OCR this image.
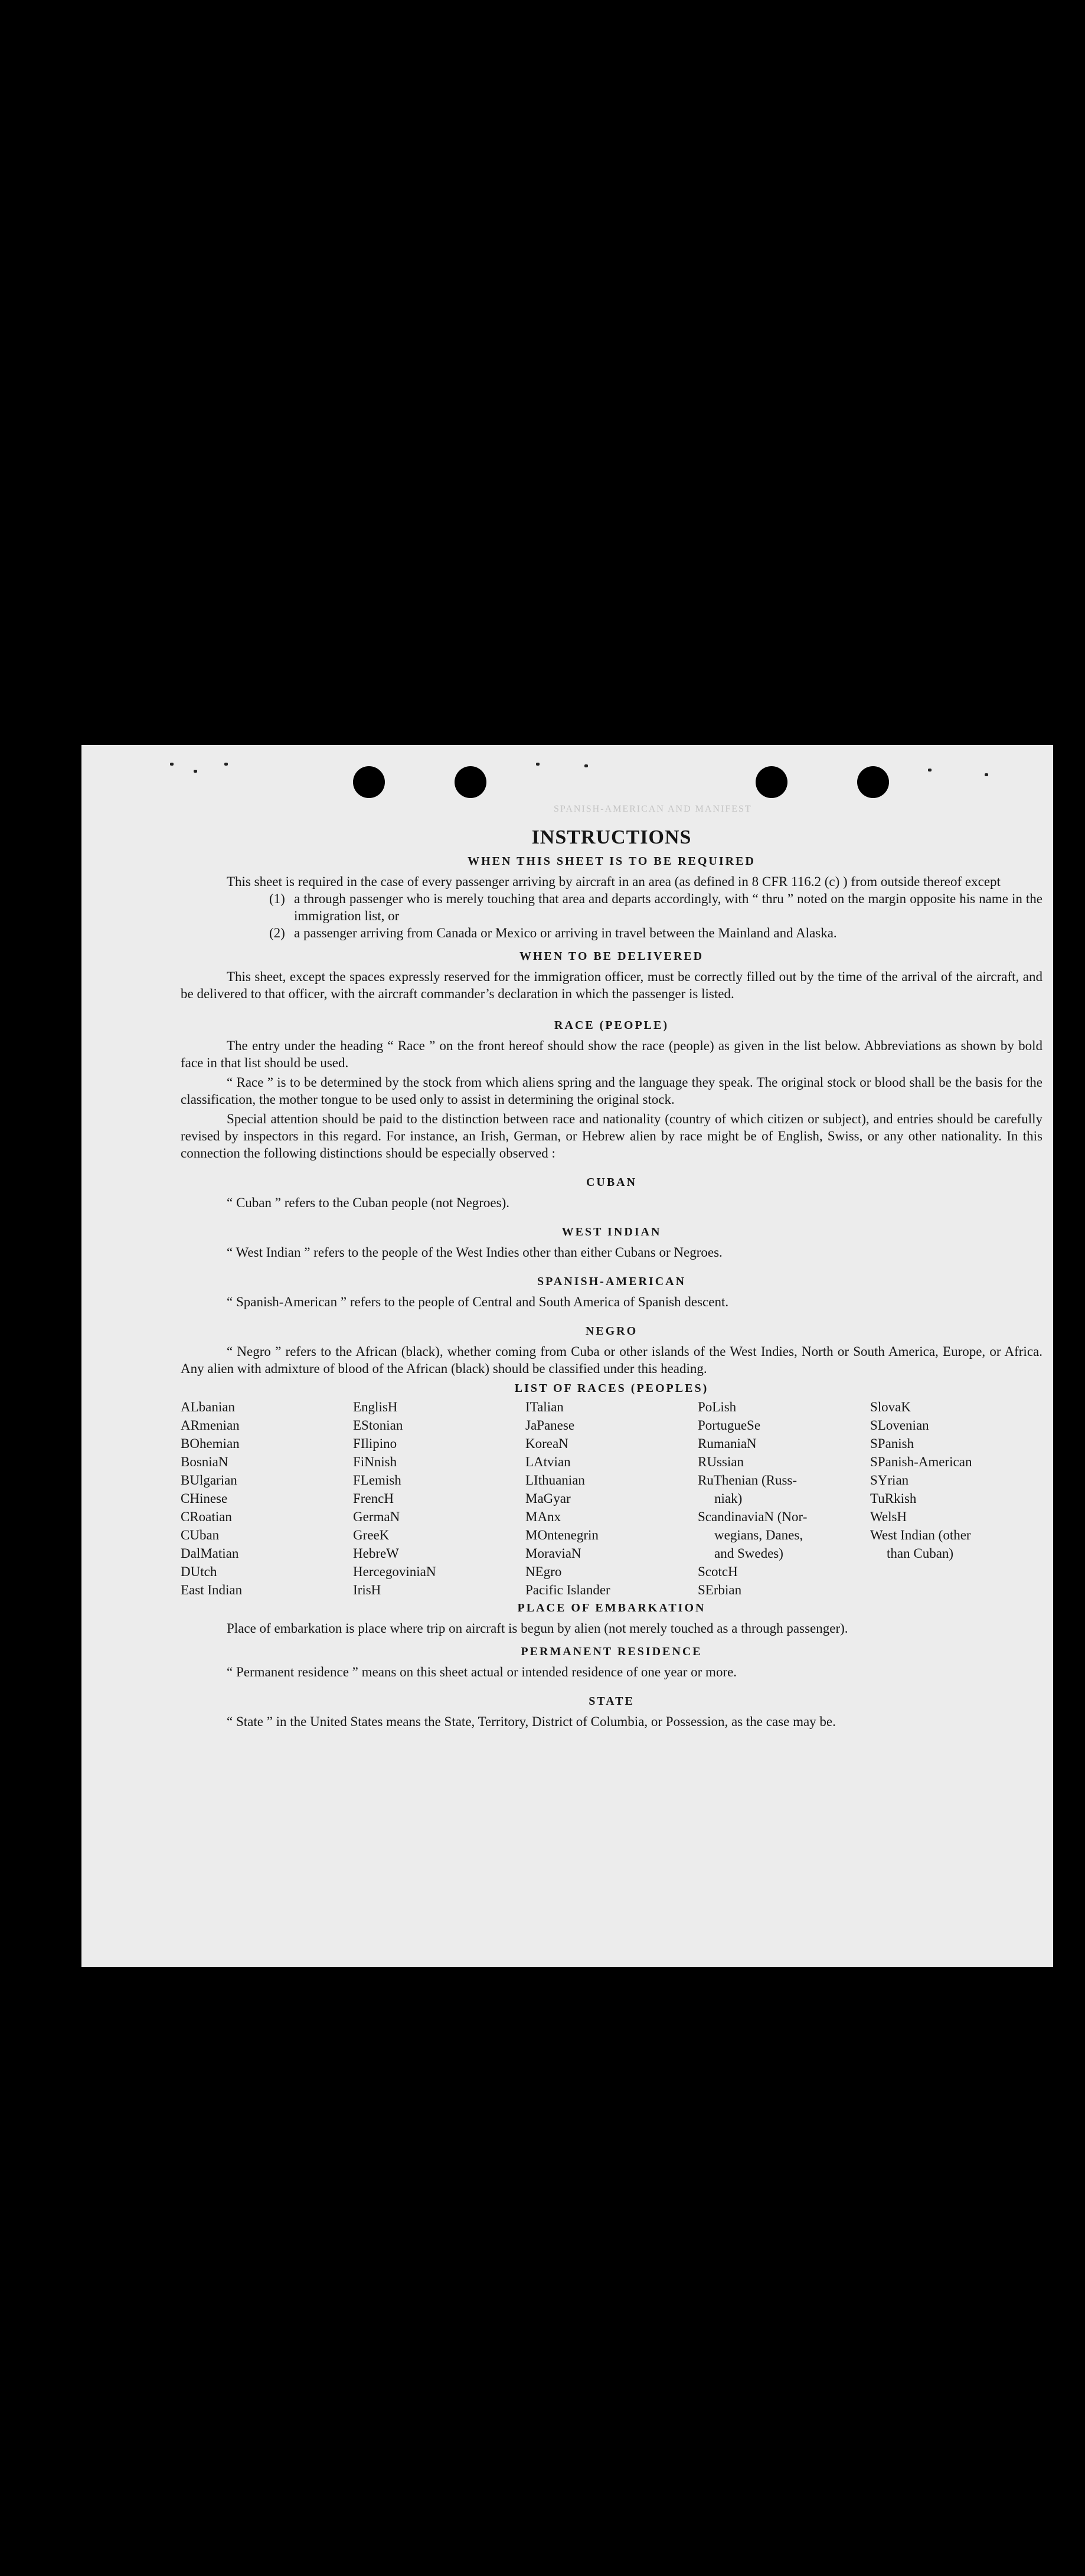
SPANISH-AMERICAN AND MANIFEST
INSTRUCTIONS
WHEN THIS SHEET IS TO BE REQUIRED

This sheet is required in the case of every passenger arriving by aircraft in an area (as defined in 8 CFR 116.2 (c) ) from outside thereof except

(1) a through passenger who is merely touching that area and departs accordingly, with “ thru ” noted on the margin opposite his name in the immigration list, or
(2) a passenger arriving from Canada or Mexico or arriving in travel between the Mainland and Alaska.
WHEN TO BE DELIVERED

This sheet, except the spaces expressly reserved for the immigration officer, must be correctly filled out by the time of the arrival of the aircraft, and be delivered to that officer, with the aircraft commander’s declaration in which the passenger is listed.

RACE (PEOPLE)

The entry under the heading “ Race ” on the front hereof should show the race (people) as given in the list below. Abbreviations as shown by bold face in that list should be used.

“ Race ” is to be determined by the stock from which aliens spring and the language they speak. The original stock or blood shall be the basis for the classification, the mother tongue to be used only to assist in determining the original stock.

Special attention should be paid to the distinction between race and nationality (country of which citizen or subject), and entries should be carefully revised by inspectors in this regard. For instance, an Irish, German, or Hebrew alien by race might be of English, Swiss, or any other nationality. In this connection the following distinctions should be especially observed :

CUBAN

“ Cuban ” refers to the Cuban people (not Negroes).

WEST INDIAN

“ West Indian ” refers to the people of the West Indies other than either Cubans or Negroes.

SPANISH-AMERICAN

“ Spanish-American ” refers to the people of Central and South America of Spanish descent.

NEGRO

“ Negro ” refers to the African (black), whether coming from Cuba or other islands of the West Indies, North or South America, Europe, or Africa. Any alien with admixture of blood of the African (black) should be classified under this heading.

LIST OF RACES (PEOPLES)
ALbanian
ARmenian
BOhemian
BosniaN
BUlgarian
CHinese
CRoatian
CUban
DalMatian
DUtch
East Indian
EnglisH
EStonian
FIlipino
FiNnish
FLemish
FrencH
GermaN
GreeK
HebreW
HercegoviniaN
IrisH
ITalian
JaPanese
KoreaN
LAtvian
LIthuanian
MaGyar
MAnx
MOntenegrin
MoraviaN
NEgro
Pacific Islander
PoLish
PortugueSe
RumaniaN
RUssian
RuThenian (Russ-
niak)
ScandinaviaN (Nor-
wegians, Danes,
and Swedes)
ScotcH
SErbian
SlovaK
SLovenian
SPanish
SPanish-American
SYrian
TuRkish
WelsH
West Indian (other
than Cuban)
PLACE OF EMBARKATION

Place of embarkation is place where trip on aircraft is begun by alien (not merely touched as a through passenger).

PERMANENT RESIDENCE

“ Permanent residence ” means on this sheet actual or intended residence of one year or more.

STATE

“ State ” in the United States means the State, Territory, District of Columbia, or Possession, as the case may be.
